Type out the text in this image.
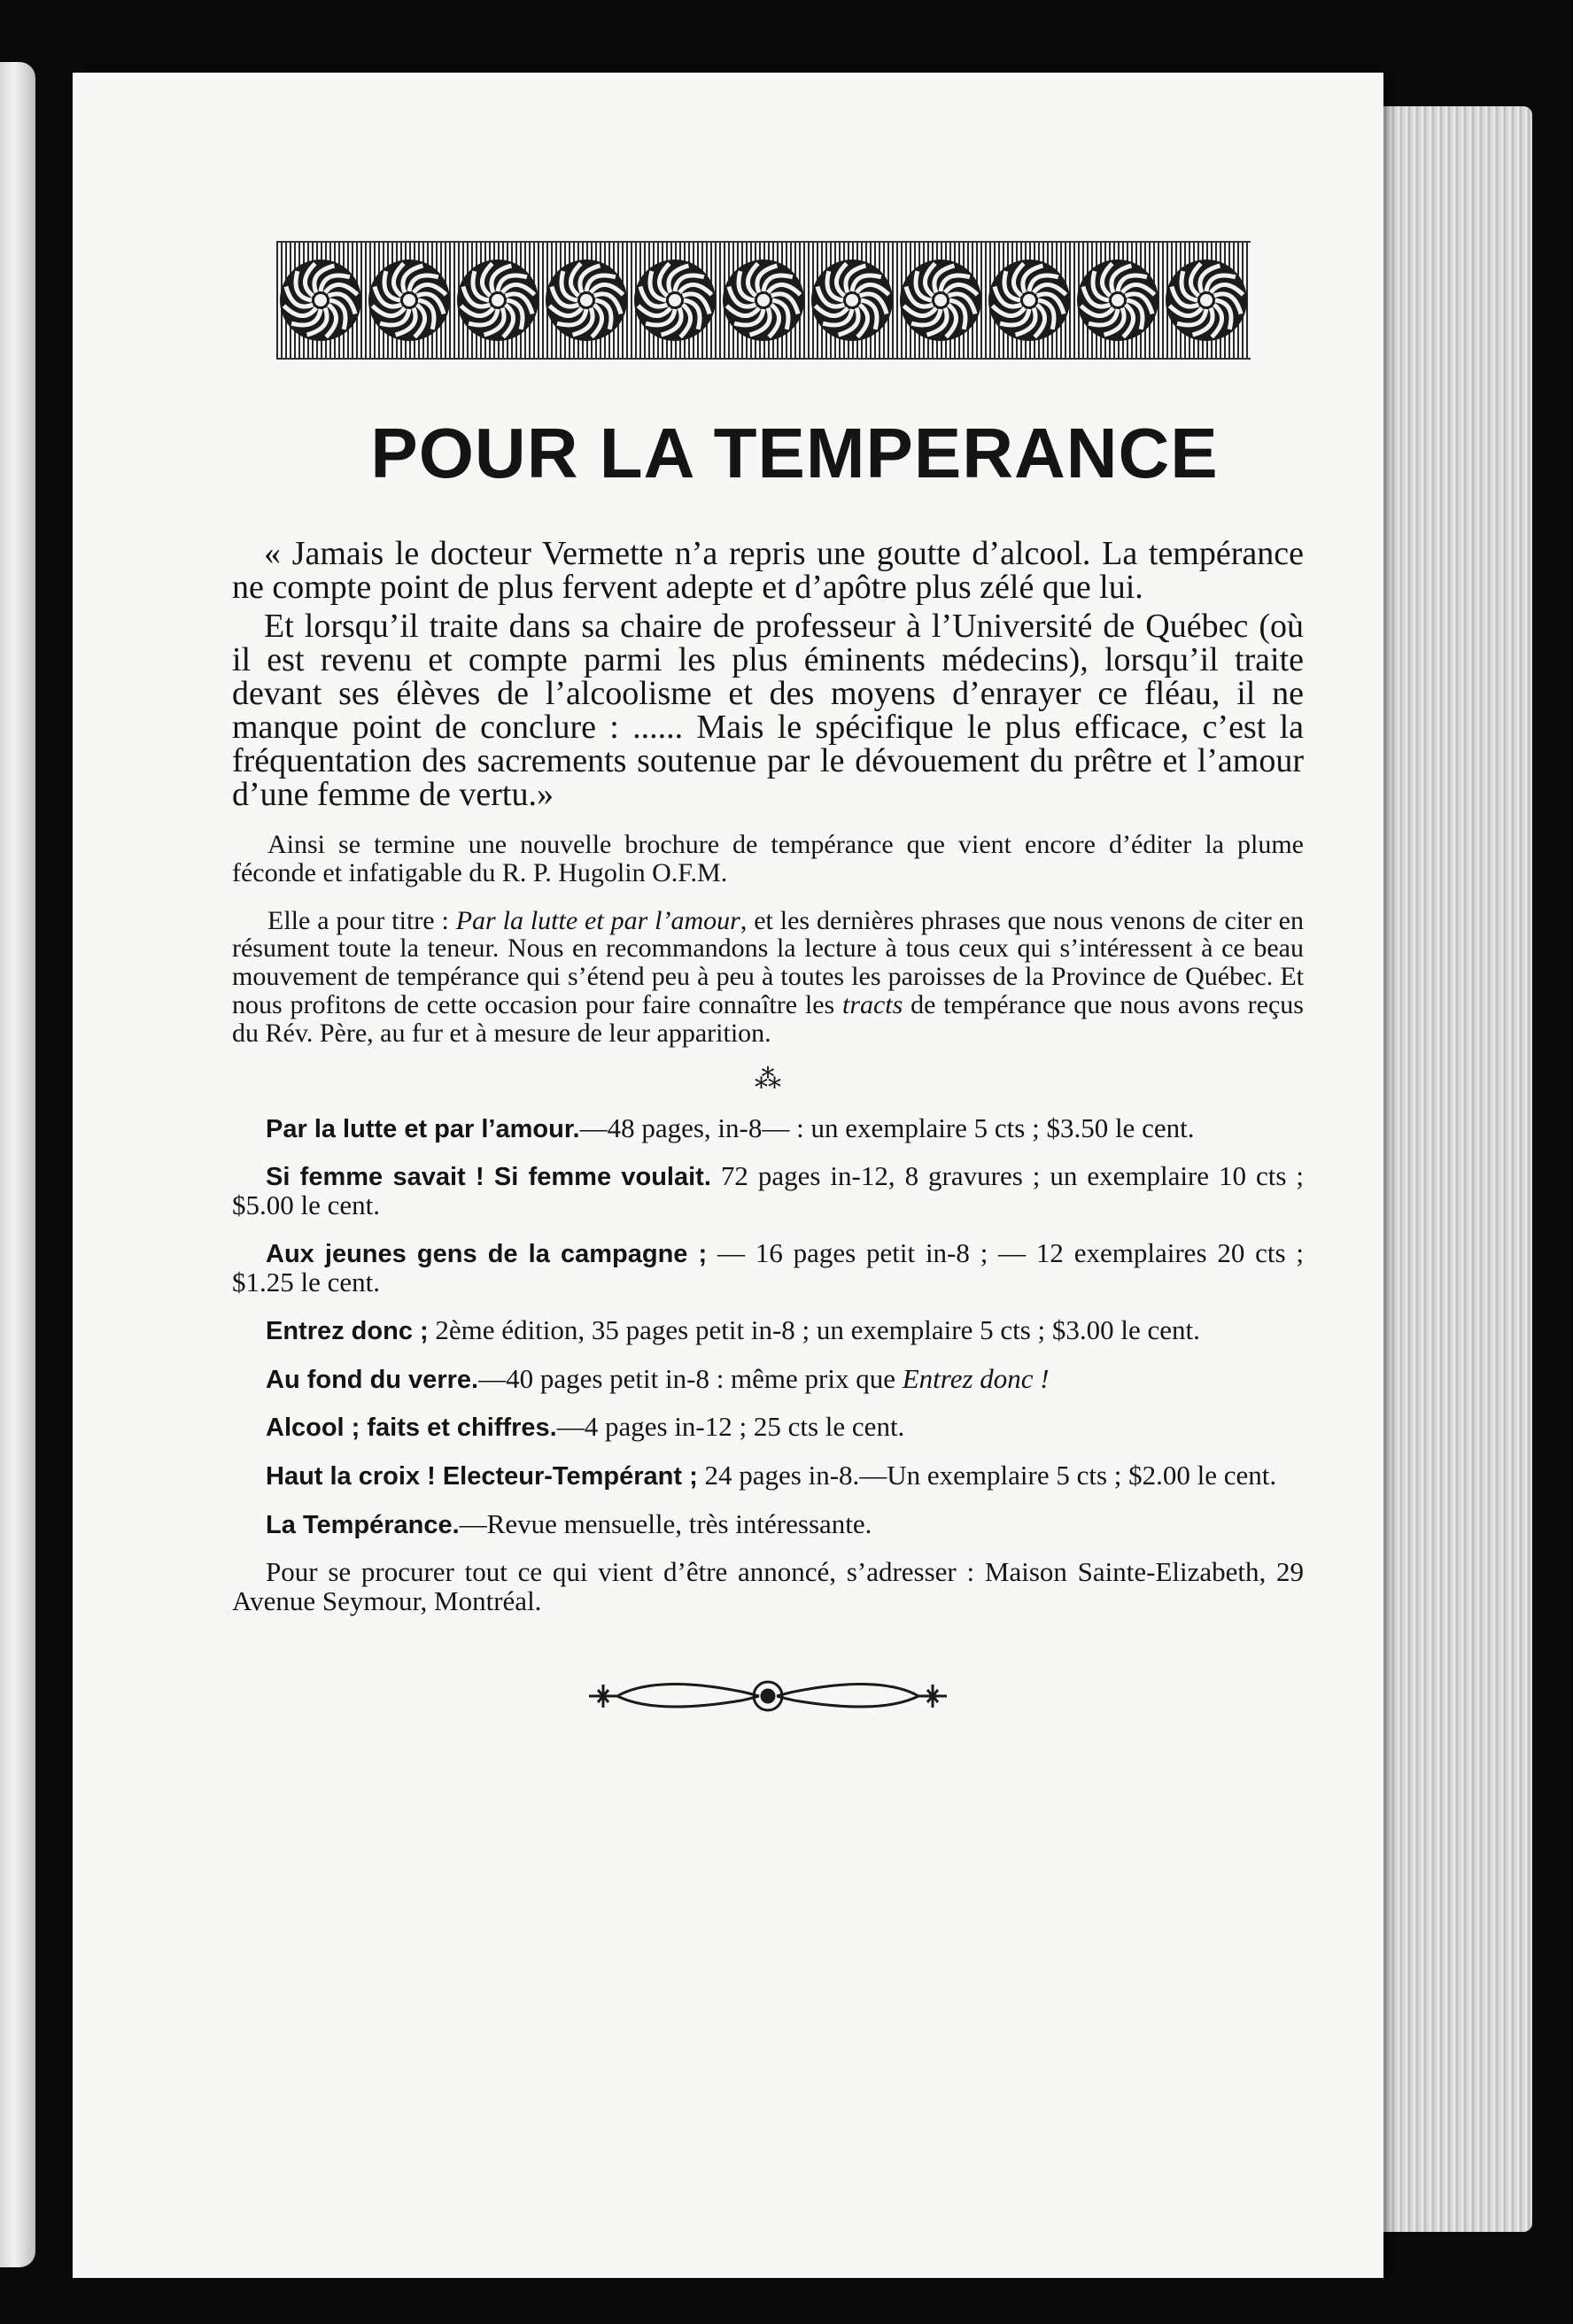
POUR LA TEMPERANCE

« Jamais le docteur Vermette n’a repris une goutte d’alcool. La tempérance ne compte point de plus fervent adepte et d’apôtre plus zélé que lui.

Et lorsqu’il traite dans sa chaire de professeur à l’Université de Québec (où il est revenu et compte parmi les plus éminents médecins), lorsqu’il traite devant ses élèves de l’alcoolisme et des moyens d’enrayer ce fléau, il ne manque point de conclure : ...... Mais le spécifique le plus efficace, c’est la fréquentation des sacrements soutenue par le dévouement du prêtre et l’amour d’une femme de vertu.»

Ainsi se termine une nouvelle brochure de tempérance que vient encore d’éditer la plume féconde et infatigable du R. P. Hugolin O.F.M.

Elle a pour titre : Par la lutte et par l’amour, et les dernières phrases que nous venons de citer en résument toute la teneur. Nous en recommandons la lecture à tous ceux qui s’intéressent à ce beau mouvement de tempérance qui s’étend peu à peu à toutes les paroisses de la Province de Québec. Et nous profitons de cette occasion pour faire connaître les tracts de tempérance que nous avons reçus du Rév. Père, au fur et à mesure de leur apparition.

⁂

Par la lutte et par l’amour.—48 pages, in-8— : un exemplaire 5 cts ; $3.50 le cent.

Si femme savait ! Si femme voulait. 72 pages in-12, 8 gravures ; un exemplaire 10 cts ; $5.00 le cent.

Aux jeunes gens de la campagne ; — 16 pages petit in-8 ; — 12 exemplaires 20 cts ; $1.25 le cent.

Entrez donc ; 2ème édition, 35 pages petit in-8 ; un exemplaire 5 cts ; $3.00 le cent.

Au fond du verre.—40 pages petit in-8 : même prix que Entrez donc !

Alcool ; faits et chiffres.—4 pages in-12 ; 25 cts le cent.

Haut la croix ! Electeur-Tempérant ; 24 pages in-8.—Un exemplaire 5 cts ; $2.00 le cent.

La Tempérance.—Revue mensuelle, très intéressante.

Pour se procurer tout ce qui vient d’être annoncé, s’adresser : Maison Sainte-Elizabeth, 29 Avenue Seymour, Montréal.
